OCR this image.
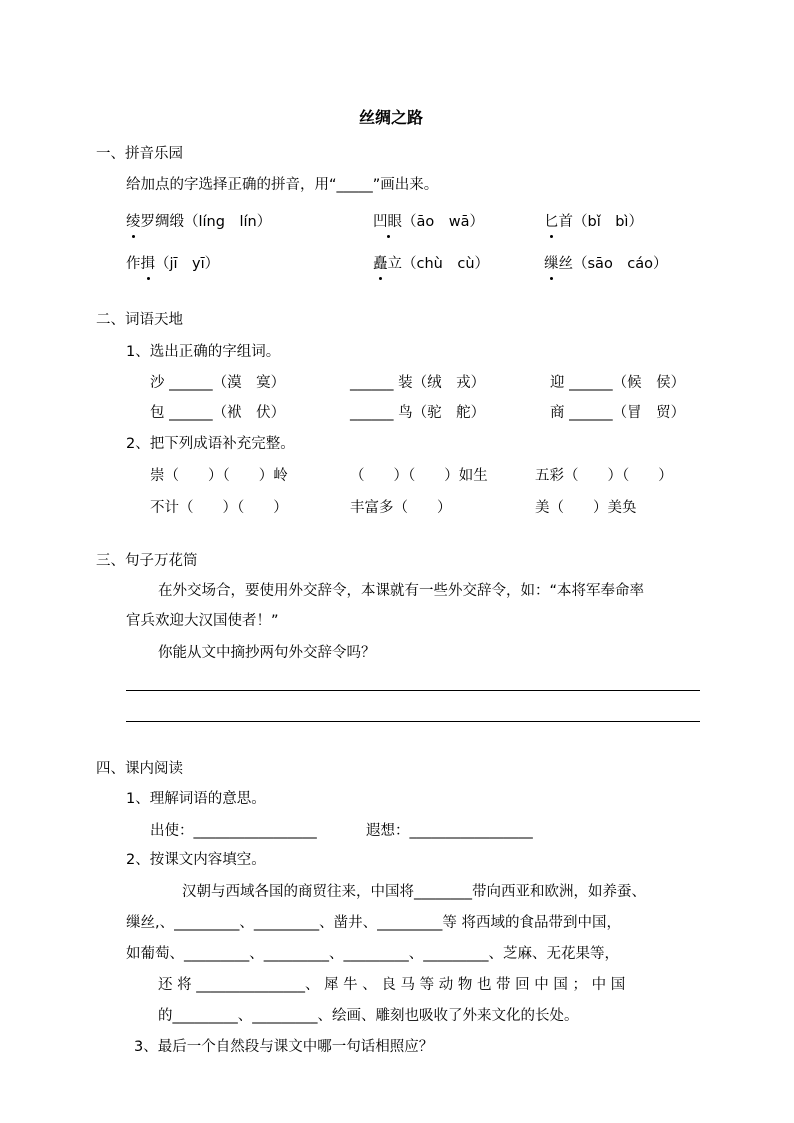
丝绸之路
一、拼音乐园
给加点的字选择正确的拼音，用“_____”画出来。
绫罗绸缎（líng　lín）	凹眼（āo　wā）	匕首（bǐ　bì）
作揖（jī　yī）	矗立（chù　cù）	缫丝（sāo　cáo）
二、词语天地
1、选出正确的字组词。
沙 ______（漠　寞）	______ 装（绒　戎）	迎 ______（候　侯）
包 ______（袱　伏）	______ 鸟（驼　舵）	商 ______（冒　贸）
2、把下列成语补充完整。
崇（　　）（　　）岭	（　　）（　　）如生	五彩（　　）（　　）
不计（　　）（　　）	丰富多（　　）	美（　　）美奂
三、句子万花筒
在外交场合，要使用外交辞令，本课就有一些外交辞令，如：“本将军奉命率
官兵欢迎大汉国使者！”
你能从文中摘抄两句外交辞令吗？
四、课内阅读
1、理解词语的意思。
出使：_________________	遐想：_________________
2、按课文内容填空。
汉朝与西域各国的商贸往来，中国将________带向西亚和欧洲，如养蚕、
缫丝,、_________、_________、凿井、_________等 将西域的食品带到中国，
如葡萄、_________、_________、_________、_________、芝麻、无花果等，
还 将 _______________、 犀 牛 、 良 马 等 动 物 也 带 回 中 国 ； 中 国
的_________、_________、绘画、雕刻也吸收了外来文化的长处。
3、最后一个自然段与课文中哪一句话相照应？
